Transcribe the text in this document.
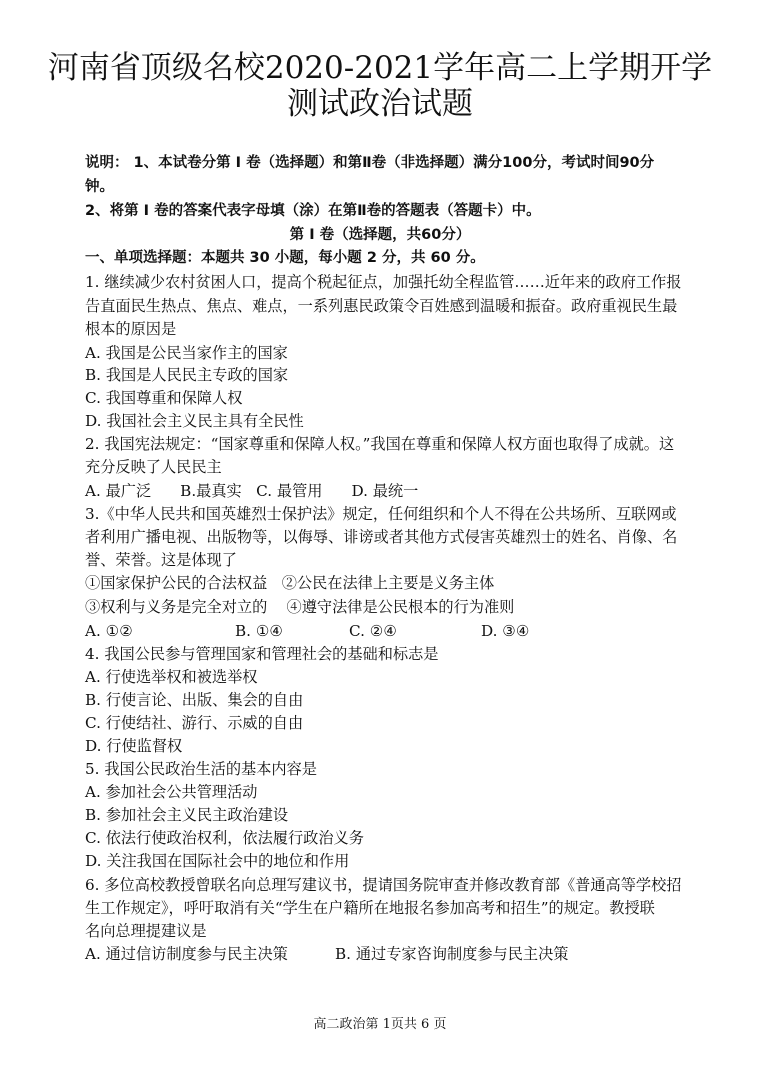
河南省顶级名校2020-2021学年高二上学期开学
测试政治试题
说明： 1、本试卷分第 Ⅰ 卷（选择题）和第Ⅱ卷（非选择题）满分100分，考试时间90分
钟。
2、将第 Ⅰ 卷的答案代表字母填（涂）在第Ⅱ卷的答题表（答题卡）中。
第 Ⅰ 卷（选择题，共60分）
一、单项选择题：本题共 30 小题，每小题 2 分，共 60 分。
1. 继续减少农村贫困人口，提高个税起征点，加强托幼全程监管……近年来的政府工作报
告直面民生热点、焦点、难点，一系列惠民政策令百姓感到温暖和振奋。政府重视民生最
根本的原因是
A. 我国是公民当家作主的国家
B. 我国是人民民主专政的国家
C. 我国尊重和保障人权
D. 我国社会主义民主具有全民性
2. 我国宪法规定：“国家尊重和保障人权。”我国在尊重和保障人权方面也取得了成就。这
充分反映了人民民主
A. 最广泛      B.最真实   C. 最管用      D. 最统一
3.《中华人民共和国英雄烈士保护法》规定，任何组织和个人不得在公共场所、互联网或
者利用广播电视、出版物等，以侮辱、诽谤或者其他方式侵害英雄烈士的姓名、肖像、名
誉、荣誉。这是体现了
①国家保护公民的合法权益   ②公民在法律上主要是义务主体
③权利与义务是完全对立的    ④遵守法律是公民根本的行为准则
A. ①②	B. ①④	C. ②④	D. ③④
4. 我国公民参与管理国家和管理社会的基础和标志是
A. 行使选举权和被选举权
B. 行使言论、出版、集会的自由
C. 行使结社、游行、示威的自由
D. 行使监督权
5. 我国公民政治生活的基本内容是
A. 参加社会公共管理活动
B. 参加社会主义民主政治建设
C. 依法行使政治权利，依法履行政治义务
D. 关注我国在国际社会中的地位和作用
6. 多位高校教授曾联名向总理写建议书，提请国务院审查并修改教育部《普通高等学校招
生工作规定》，呼吁取消有关“学生在户籍所在地报名参加高考和招生”的规定。教授联
名向总理提建议是
A. 通过信访制度参与民主决策	B. 通过专家咨询制度参与民主决策
高二政治第 1页共 6 页
